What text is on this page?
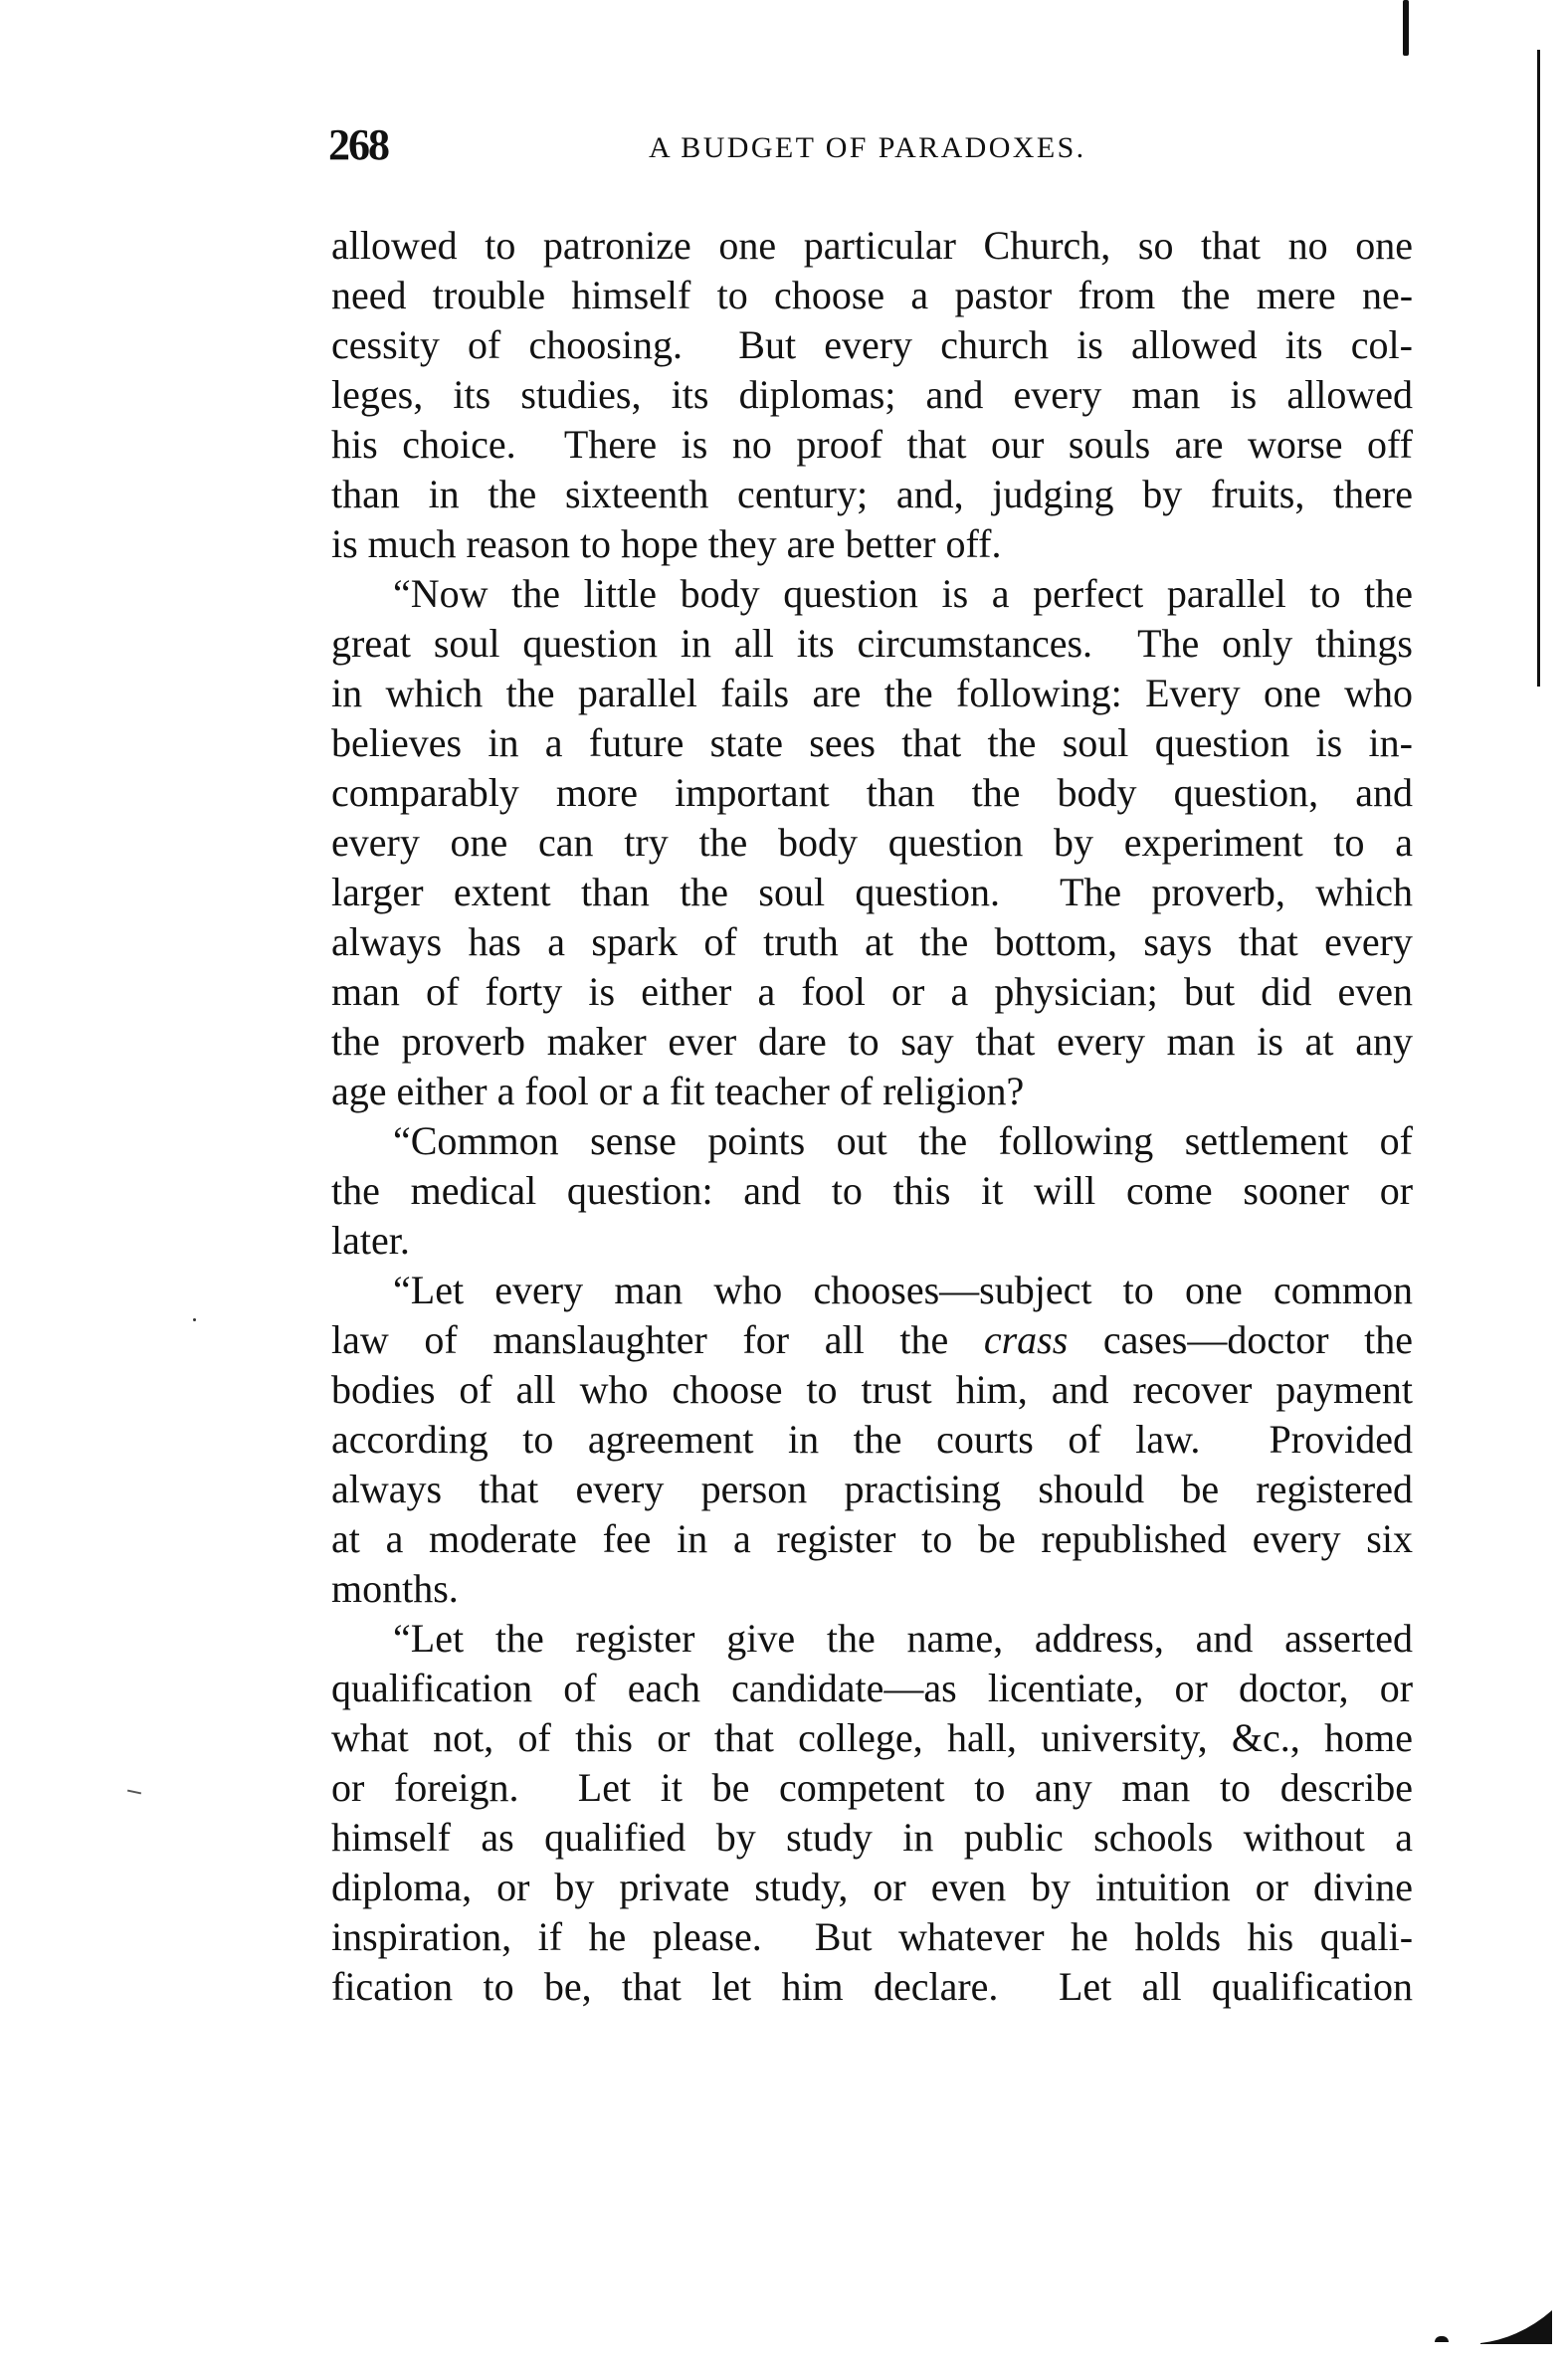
268	A BUDGET OF PARADOXES.
allowed to patronize one particular Church, so that no one
need trouble himself to choose a pastor from the mere ne-
cessity of choosing.  But every church is allowed its col-
leges, its studies, its diplomas; and every man is allowed
his choice.  There is no proof that our souls are worse off
than in the sixteenth century; and, judging by fruits, there
is much reason to hope they are better off.
“Now the little body question is a perfect parallel to the
great soul question in all its circumstances.  The only things
in which the parallel fails are the following: Every one who
believes in a future state sees that the soul question is in-
comparably more important than the body question, and
every one can try the body question by experiment to a
larger extent than the soul question.  The proverb, which
always has a spark of truth at the bottom, says that every
man of forty is either a fool or a physician; but did even
the proverb maker ever dare to say that every man is at any
age either a fool or a fit teacher of religion?
“Common sense points out the following settlement of
the medical question: and to this it will come sooner or
later.
“Let every man who chooses—subject to one common
law of manslaughter for all the crass cases—doctor the
bodies of all who choose to trust him, and recover payment
according to agreement in the courts of law.  Provided
always that every person practising should be registered
at a moderate fee in a register to be republished every six
months.
“Let the register give the name, address, and asserted
qualification of each candidate—as licentiate, or doctor, or
what not, of this or that college, hall, university, &c., home
or foreign.  Let it be competent to any man to describe
himself as qualified by study in public schools without a
diploma, or by private study, or even by intuition or divine
inspiration, if he please.  But whatever he holds his quali-
fication to be, that let him declare.  Let all qualification
